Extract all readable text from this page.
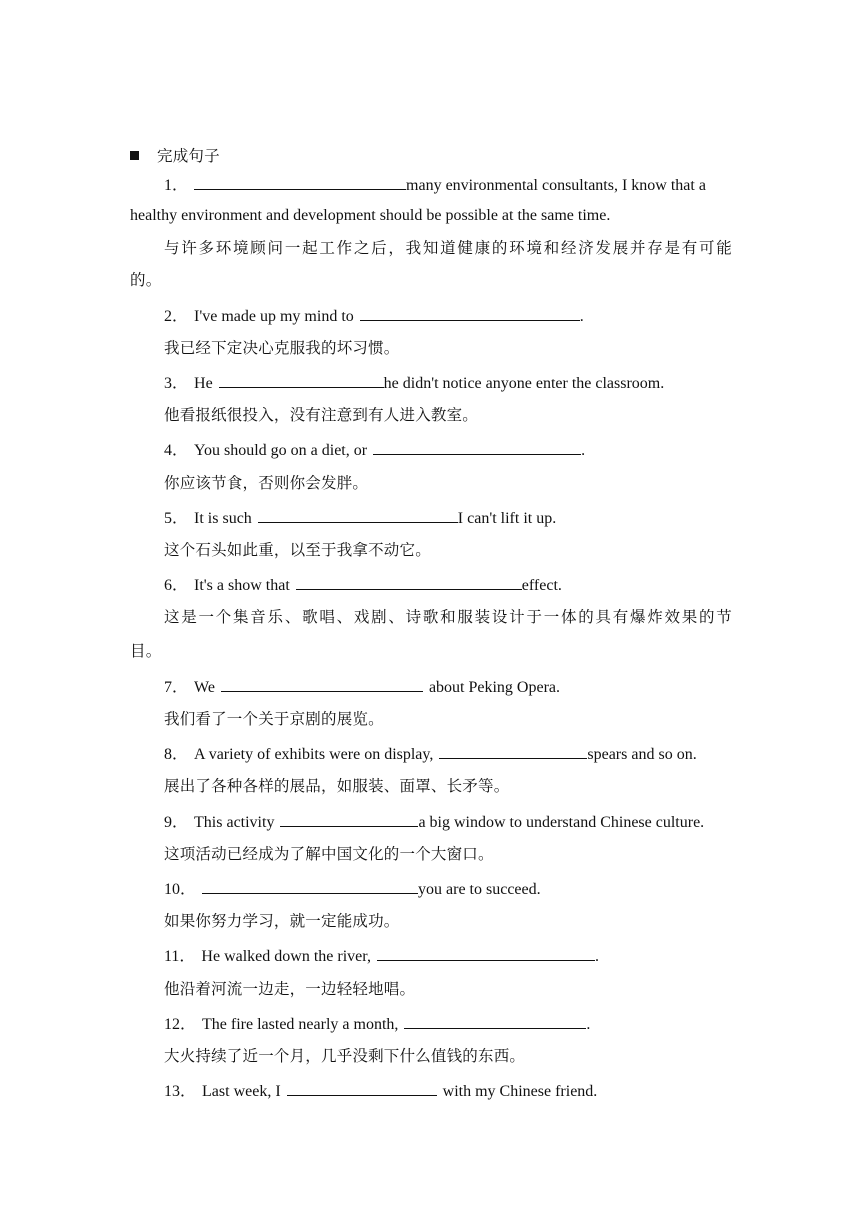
完成句子
1．	many environmental consultants, I know that a
healthy environment and development should be possible at the same time.
与许多环境顾问一起工作之后，我知道健康的环境和经济发展并存是有可能
的。
2． I've made up my mind to	.
我已经下定决心克服我的坏习惯。
3． He	he didn't notice anyone enter the classroom.
他看报纸很投入，没有注意到有人进入教室。
4． You should go on a diet, or	.
你应该节食，否则你会发胖。
5． It is such	I can't lift it up.
这个石头如此重，以至于我拿不动它。
6． It's a show that	effect.
这是一个集音乐、歌唱、戏剧、诗歌和服装设计于一体的具有爆炸效果的节
目。
7． We	about Peking Opera.
我们看了一个关于京剧的展览。
8． A variety of exhibits were on display,	spears and so on.
展出了各种各样的展品，如服装、面罩、长矛等。
9． This activity	a big window to understand Chinese culture.
这项活动已经成为了解中国文化的一个大窗口。
10．	you are to succeed.
如果你努力学习，就一定能成功。
11． He walked down the river,	.
他沿着河流一边走，一边轻轻地唱。
12． The fire lasted nearly a month,	.
大火持续了近一个月，几乎没剩下什么值钱的东西。
13． Last week, I	with my Chinese friend.
